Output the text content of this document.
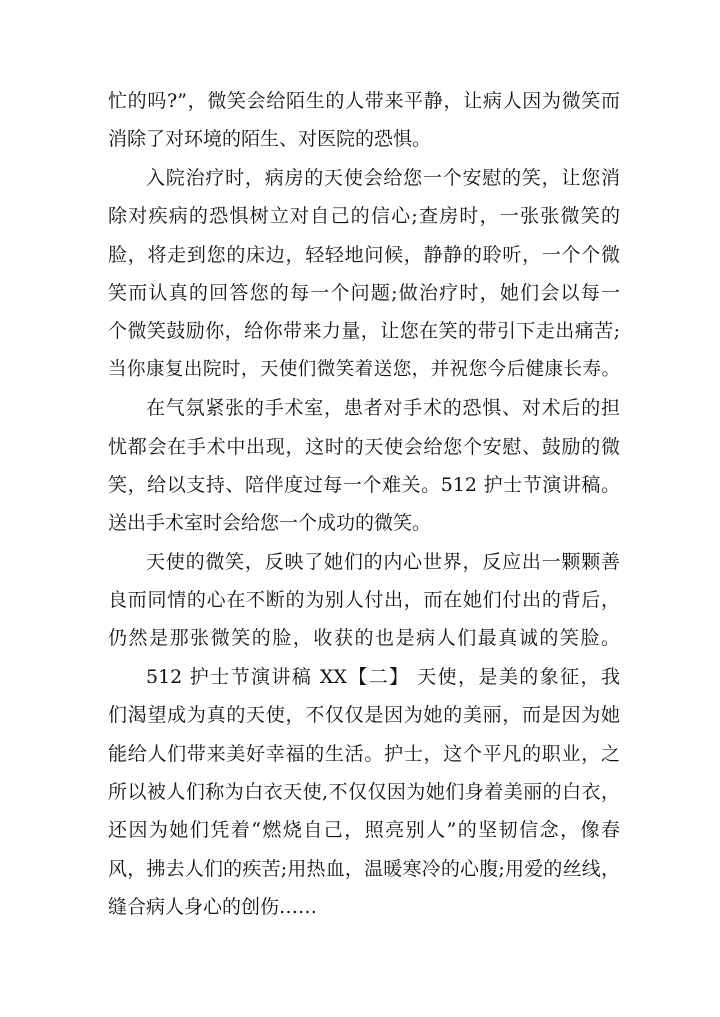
忙的吗?”，微笑会给陌生的人带来平静，让病人因为微笑而
消除了对环境的陌生、对医院的恐惧。
入院治疗时，病房的天使会给您一个安慰的笑，让您消
除对疾病的恐惧树立对自己的信心;查房时，一张张微笑的
脸，将走到您的床边，轻轻地问候，静静的聆听，一个个微
笑而认真的回答您的每一个问题;做治疗时，她们会以每一
个微笑鼓励你，给你带来力量，让您在笑的带引下走出痛苦;
当你康复出院时，天使们微笑着送您，并祝您今后健康长寿。
在气氛紧张的手术室，患者对手术的恐惧、对术后的担
忧都会在手术中出现，这时的天使会给您个安慰、鼓励的微
笑，给以支持、陪伴度过每一个难关。512 护士节演讲稿。
送出手术室时会给您一个成功的微笑。
天使的微笑，反映了她们的内心世界，反应出一颗颗善
良而同情的心在不断的为别人付出，而在她们付出的背后，
仍然是那张微笑的脸，收获的也是病人们最真诚的笑脸。
512 护士节演讲稿 XX【二】 天使，是美的象征，我
们渴望成为真的天使，不仅仅是因为她的美丽，而是因为她
能给人们带来美好幸福的生活。护士，这个平凡的职业，之
所以被人们称为白衣天使,不仅仅因为她们身着美丽的白衣，
还因为她们凭着“燃烧自己，照亮别人”的坚韧信念，像春
风，拂去人们的疾苦;用热血，温暖寒冷的心腹;用爱的丝线，
缝合病人身心的创伤……
